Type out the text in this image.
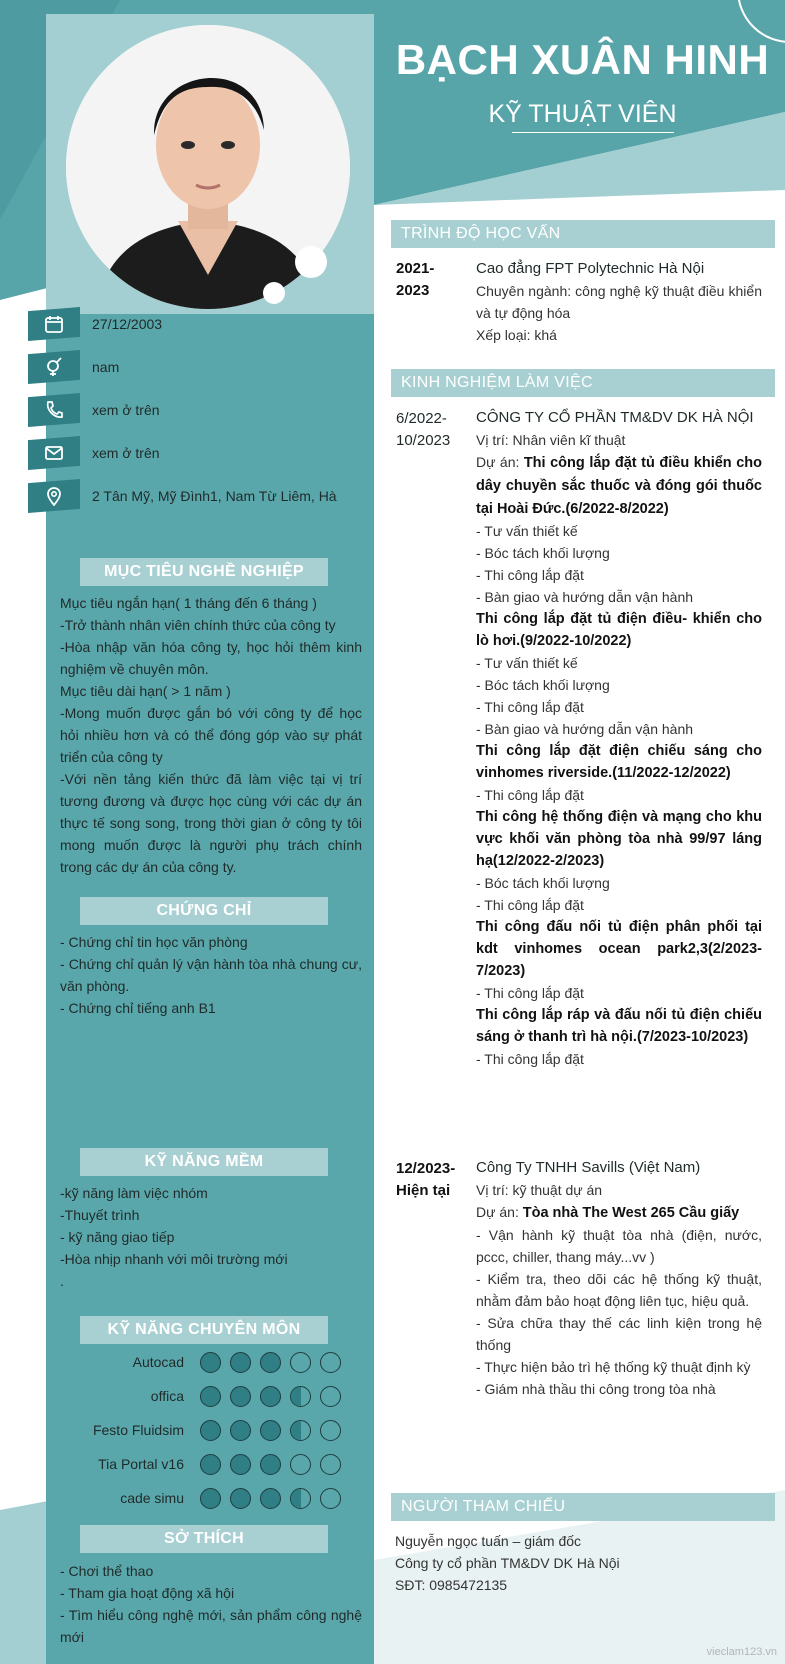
27/12/2003
nam
xem ở trên
xem ở trên
2 Tân Mỹ, Mỹ Đình1, Nam Từ Liêm, Hà
MỤC TIÊU NGHỀ NGHIỆP

Mục tiêu ngắn hạn( 1 tháng đến 6 tháng )

-Trở thành nhân viên chính thức của công ty

-Hòa nhập văn hóa công ty, học hỏi thêm kinh nghiệm về chuyên môn.

Mục tiêu dài hạn( > 1 năm )

-Mong muốn được gắn bó với công ty để học hỏi nhiều hơn và có thể đóng góp vào sự phát triển của công ty

-Với nền tảng kiến thức đã làm việc tại vị trí tương đương và được học cùng với các dự án thực tế song song, trong thời gian ở công ty tôi mong muốn được là người phụ trách chính trong các dự án của công ty.

CHỨNG CHỈ

- Chứng chỉ tin học văn phòng

- Chứng chỉ quản lý vận hành tòa nhà chung cư, văn phòng.

- Chứng chỉ tiếng anh B1

KỸ NĂNG MỀM

-kỹ năng làm việc nhóm

-Thuyết trình

- kỹ năng giao tiếp

-Hòa nhịp nhanh với môi trường mới

.

KỸ NĂNG CHUYÊN MÔN
Autocad
offica
Festo Fluidsim
Tia Portal v16
cade simu
SỞ THÍCH

- Chơi thể thao

- Tham gia hoạt động xã hội

- Tìm hiểu công nghệ mới, sản phẩm công nghệ mới

BẠCH XUÂN HINH
KỸ THUẬT VIÊN
TRÌNH ĐỘ HỌC VẤN
2021-
2023

Cao đẳng FPT Polytechnic Hà Nội

Chuyên ngành: công nghệ kỹ thuật điều khiển và tự động hóa

Xếp loại: khá

KINH NGHIỆM LÀM VIỆC
6/2022-
10/2023

CÔNG TY CỔ PHẦN TM&DV DK HÀ NỘI

Vị trí: Nhân viên kĩ thuật

Dự án: Thi công lắp đặt tủ điều khiển cho dây chuyền sắc thuốc và đóng gói thuốc tại Hoài Đức.(6/2022-8/2022)

- Tư vấn thiết kế

- Bóc tách khối lượng

- Thi công lắp đặt

- Bàn giao và hướng dẫn vận hành

Thi công lắp đặt tủ điện điều- khiển cho lò hơi.(9/2022-10/2022)

- Tư vấn thiết kế

- Bóc tách khối lượng

- Thi công lắp đặt

- Bàn giao và hướng dẫn vận hành

Thi công lắp đặt điện chiếu sáng cho vinhomes riverside.(11/2022-12/2022)

- Thi công lắp đặt

Thi công hệ thống điện và mạng cho khu vực khối văn phòng tòa nhà 99/97 láng hạ(12/2022-2/2023)

- Bóc tách khối lượng

- Thi công lắp đặt

Thi công đấu nối tủ điện phân phối tại kdt vinhomes ocean park2,3(2/2023-7/2023)

- Thi công lắp đặt

Thi công lắp ráp và đấu nối tủ điện chiếu sáng ở thanh trì hà nội.(7/2023-10/2023)

- Thi công lắp đặt

12/2023-
Hiện tại

Công Ty TNHH Savills (Việt Nam)

Vị trí: kỹ thuật dự án

Dự án: Tòa nhà The West 265 Cầu giấy

- Vận hành kỹ thuật tòa nhà (điện, nước, pccc, chiller, thang máy...vv )

- Kiểm tra, theo dõi các hệ thống kỹ thuật, nhằm đảm bảo hoạt động liên tục, hiệu quả.

- Sửa chữa thay thế các linh kiện trong hệ thống

- Thực hiện bảo trì hệ thống kỹ thuật định kỳ

- Giám nhà thầu thi công trong tòa nhà

NGƯỜI THAM CHIẾU

Nguyễn ngọc tuấn – giám đốc

Công ty cổ phần TM&DV DK Hà Nội

SĐT: 0985472135

vieclam123.vn
